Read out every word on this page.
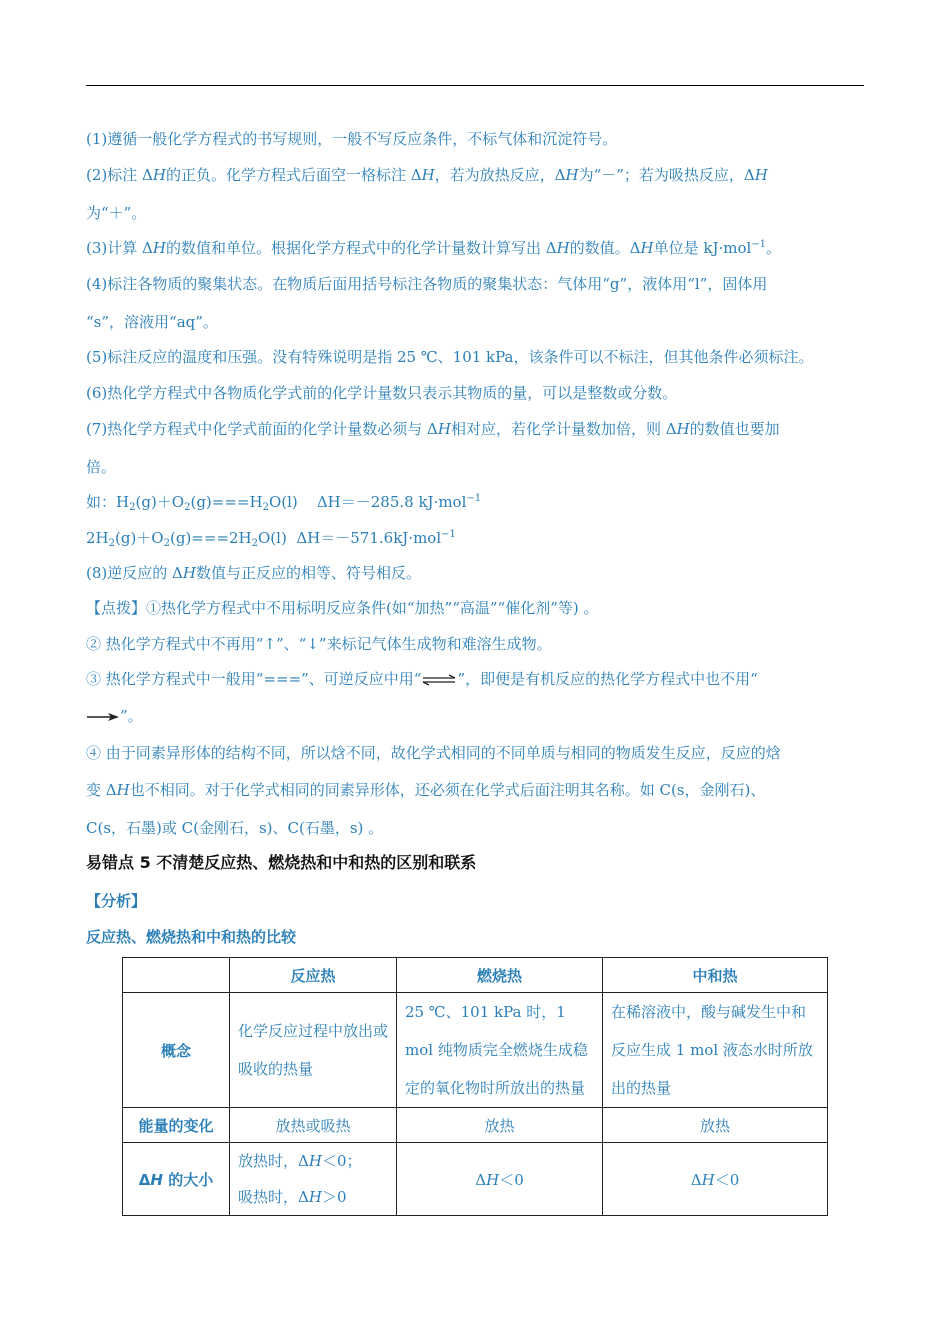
(1)遵循一般化学方程式的书写规则，一般不写反应条件，不标气体和沉淀符号。
(2)标注 ΔH的正负。化学方程式后面空一格标注 ΔH，若为放热反应，ΔH为“－”；若为吸热反应，ΔH
为“＋”。
(3)计算 ΔH的数值和单位。根据化学方程式中的化学计量数计算写出 ΔH的数值。ΔH单位是 kJ·mol$^{-1}$。
(4)标注各物质的聚集状态。在物质后面用括号标注各物质的聚集状态：气体用“g”，液体用“l”，固体用
“s”，溶液用“aq”。
(5)标注反应的温度和压强。没有特殊说明是指 25 ℃、101 kPa，该条件可以不标注，但其他条件必须标注。
(6)热化学方程式中各物质化学式前的化学计量数只表示其物质的量，可以是整数或分数。
(7)热化学方程式中化学式前面的化学计量数必须与 ΔH相对应，若化学计量数加倍，则 ΔH的数值也要加
倍。
如：$H_2(g)+O_2(g)===H_2O(l)$    ΔH＝－285.8 kJ·mol$^{-1}$
$2H_2(g)+O_2(g)===2H_2O(l)$  ΔH＝－571.6kJ·mol$^{-1}$
(8)逆反应的 ΔH数值与正反应的相等、符号相反。
【点拨】①热化学方程式中不用标明反应条件(如“加热”“高温”“催化剂”等) 。
② 热化学方程式中不再用“↑”、“↓”来标记气体生成物和难溶生成物。
③ 热化学方程式中一般用“===”、可逆反应中用“⇌”，即便是有机反应的热化学方程式中也不用“
”。
④ 由于同素异形体的结构不同，所以焓不同，故化学式相同的不同单质与相同的物质发生反应，反应的焓
变 ΔH也不相同。对于化学式相同的同素异形体，还必须在化学式后面注明其名称。如 C(s，金刚石)、
C(s，石墨)或 C(金刚石，s)、C(石墨，s) 。
易错点 5 不清楚反应热、燃烧热和中和热的区别和联系
【分析】
反应热、燃烧热和中和热的比较
	反应热	燃烧热	中和热
概念	化学反应过程中放出或吸收的热量	25 ℃、101 kPa 时，1 mol 纯物质完全燃烧生成稳定的氧化物时所放出的热量	在稀溶液中，酸与碱发生中和反应生成 1 mol 液态水时所放出的热量
能量的变化	放热或吸热	放热	放热
ΔH 的大小	放热时，ΔH＜0；
吸热时，ΔH＞0	ΔH＜0	ΔH＜0
